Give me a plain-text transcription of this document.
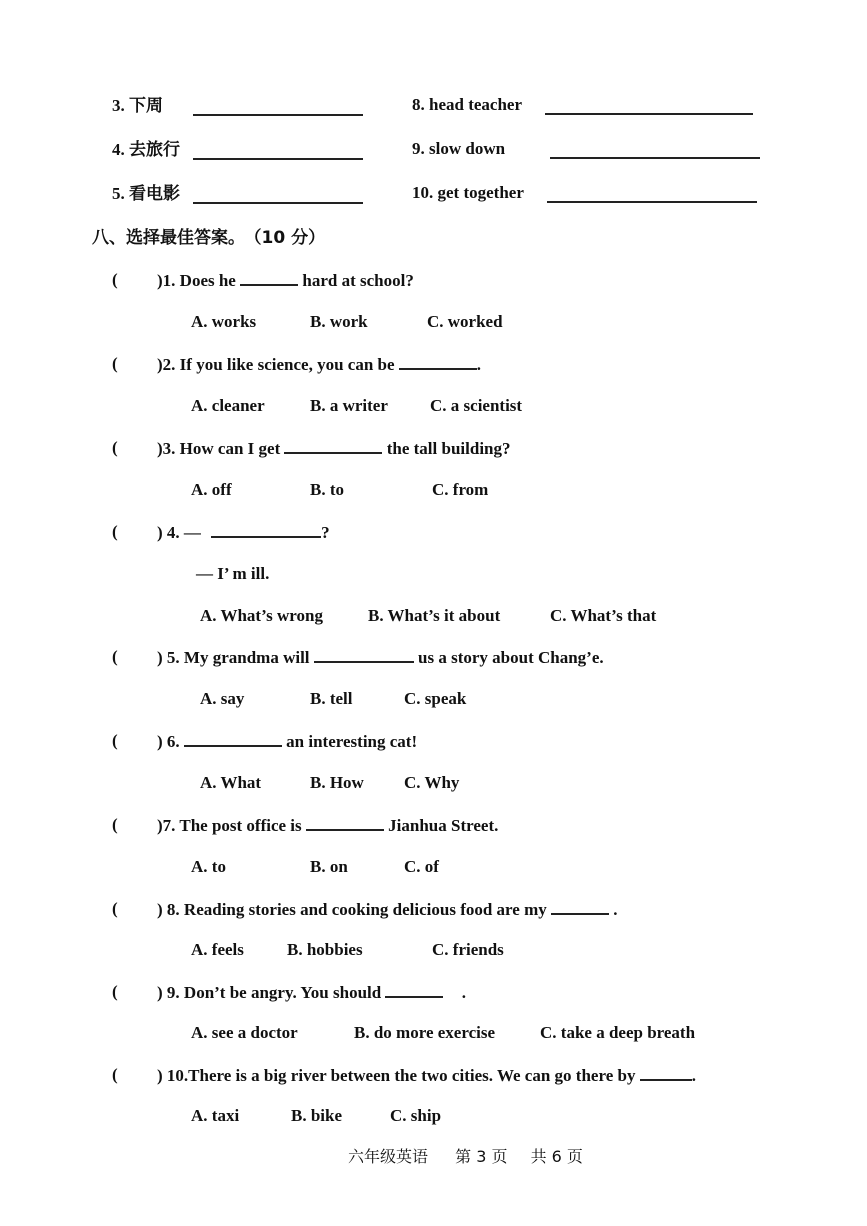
3. 下周
4. 去旅行
5. 看电影
8. head teacher
9. slow down
10. get together
八、选择最佳答案。 （10 分）
( )1. Does he	hard at school?
A. works	B. work	C. worked
( )2. If you like science, you can be	.
A. cleaner	B. a writer C. a scientist
( )3. How can I get	the tall building?
A. off	B. to	C. from
( ) 4. —	?
— I’ m ill.
A. What’s wrong	B. What’s it about	C. What’s that
( ) 5. My grandma will	us a story about Chang’e.
A. say	B. tell	C. speak
( ) 6.	an interesting cat!
A. What	B. How C. Why
( )7. The post office is	Jianhua Street.
A. to	B. on	C. of
( ) 8. Reading stories and cooking delicious food are my	.
A. feels	B. hobbies	C. friends
( ) 9. Don’t be angry. You should	.
A. see a doctor	B. do more exercise	C. take a deep breath
( ) 10.There is a big river between the two cities. We can go there by	.
A. taxi	B. bike	C. ship
六年级英语 第 3 页 共 6 页
